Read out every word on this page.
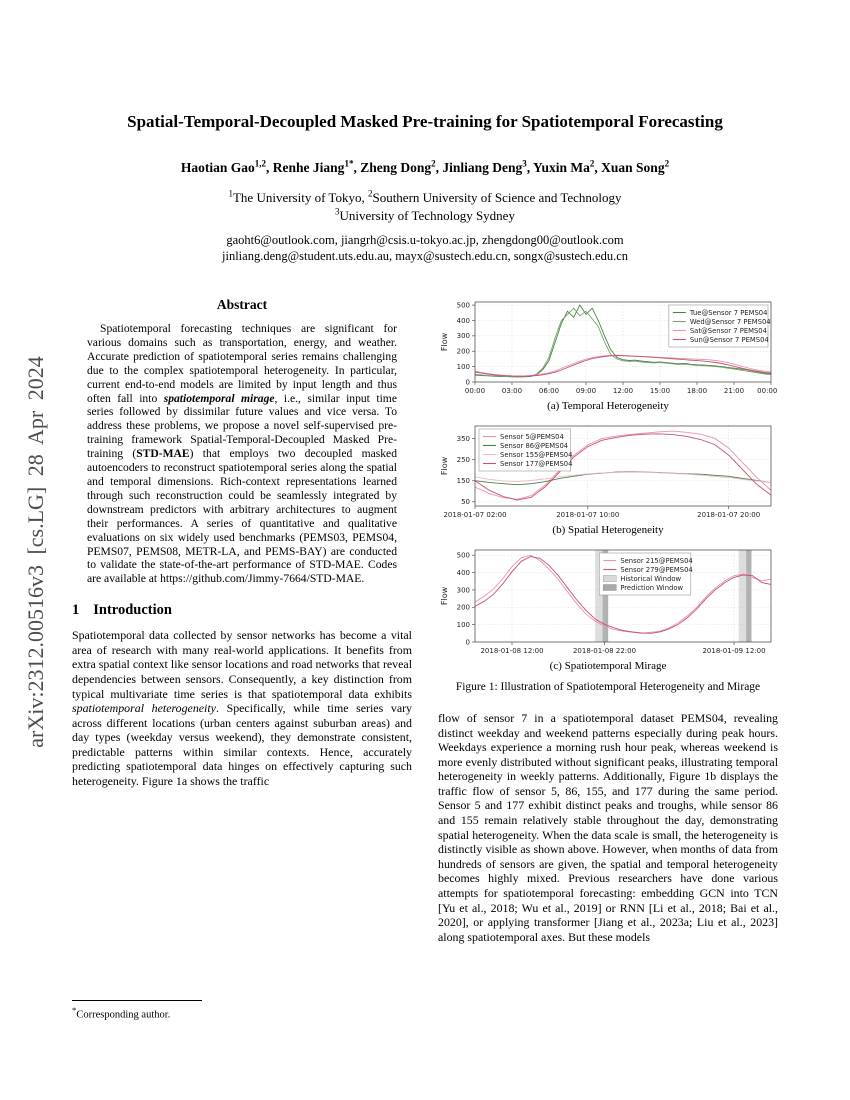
arXiv:2312.00516v3 [cs.LG] 28 Apr 2024
Spatial-Temporal-Decoupled Masked Pre-training for Spatiotemporal Forecasting
Haotian Gao$^{1,2}$, Renhe Jiang$^{1*}$, Zheng Dong$^2$, Jinliang Deng$^3$, Yuxin Ma$^2$, Xuan Song$^2$
$^1$The University of Tokyo, $^2$Southern University of Science and Technology
$^3$University of Technology Sydney
gaoht6@outlook.com, jiangrh@csis.u-tokyo.ac.jp, zhengdong00@outlook.com
jinliang.deng@student.uts.edu.au, mayx@sustech.edu.cn, songx@sustech.edu.cn
Abstract

Spatiotemporal forecasting techniques are significant for various domains such as transportation, energy, and weather. Accurate prediction of spatiotemporal series remains challenging due to the complex spatiotemporal heterogeneity. In particular, current end-to-end models are limited by input length and thus often fall into spatiotemporal mirage, i.e., similar input time series followed by dissimilar future values and vice versa. To address these problems, we propose a novel self-supervised pre-training framework Spatial-Temporal-Decoupled Masked Pre-training (STD-MAE) that employs two decoupled masked autoencoders to reconstruct spatiotemporal series along the spatial and temporal dimensions. Rich-context representations learned through such reconstruction could be seamlessly integrated by downstream predictors with arbitrary architectures to augment their performances. A series of quantitative and qualitative evaluations on six widely used benchmarks (PEMS03, PEMS04, PEMS07, PEMS08, METR-LA, and PEMS-BAY) are conducted to validate the state-of-the-art performance of STD-MAE. Codes are available at https://github.com/Jimmy-7664/STD-MAE.

1 Introduction

Spatiotemporal data collected by sensor networks has become a vital area of research with many real-world applications. It benefits from extra spatial context like sensor locations and road networks that reveal dependencies between sensors. Consequently, a key distinction from typical multivariate time series is that spatiotemporal data exhibits spatiotemporal heterogeneity. Specifically, while time series vary across different locations (urban centers against suburban areas) and day types (weekday versus weekend), they demonstrate consistent, predictable patterns within similar contexts. Hence, accurately predicting spatiotemporal data hinges on effectively capturing such heterogeneity. Figure 1a shows the traffic

*Corresponding author.
0
100
200
300
400
500
00:00 03:00 06:00 09:00 12:00 15:00 18:00 21:00 00:00
Flow
Tue@Sensor 7 PEMS04
Wed@Sensor 7 PEMS04
Sat@Sensor 7 PEMS04
Sun@Sensor 7 PEMS04
(a) Temporal Heterogeneity
50
150
250
350
2018-01-07 02:00	2018-01-07 10:00	2018-01-07 20:00
Flow
Sensor 5@PEMS04
Sensor 86@PEMS04
Sensor 155@PEMS04
Sensor 177@PEMS04
(b) Spatial Heterogeneity
0
100
200
300
400
500
2018-01-08 12:00	2018-01-08 22:00	2018-01-09 12:00
Flow
Sensor 215@PEMS04
Sensor 279@PEMS04
Historical Window
Prediction Window
(c) Spatiotemporal Mirage
Figure 1: Illustration of Spatiotemporal Heterogeneity and Mirage

flow of sensor 7 in a spatiotemporal dataset PEMS04, revealing distinct weekday and weekend patterns especially during peak hours. Weekdays experience a morning rush hour peak, whereas weekend is more evenly distributed without significant peaks, illustrating temporal heterogeneity in weekly patterns. Additionally, Figure 1b displays the traffic flow of sensor 5, 86, 155, and 177 during the same period. Sensor 5 and 177 exhibit distinct peaks and troughs, while sensor 86 and 155 remain relatively stable throughout the day, demonstrating spatial heterogeneity. When the data scale is small, the heterogeneity is distinctly visible as shown above. However, when months of data from hundreds of sensors are given, the spatial and temporal heterogeneity becomes highly mixed. Previous researchers have done various attempts for spatiotemporal forecasting: embedding GCN into TCN [Yu et al., 2018; Wu et al., 2019] or RNN [Li et al., 2018; Bai et al., 2020], or applying transformer [Jiang et al., 2023a; Liu et al., 2023] along spatiotemporal axes. But these models
